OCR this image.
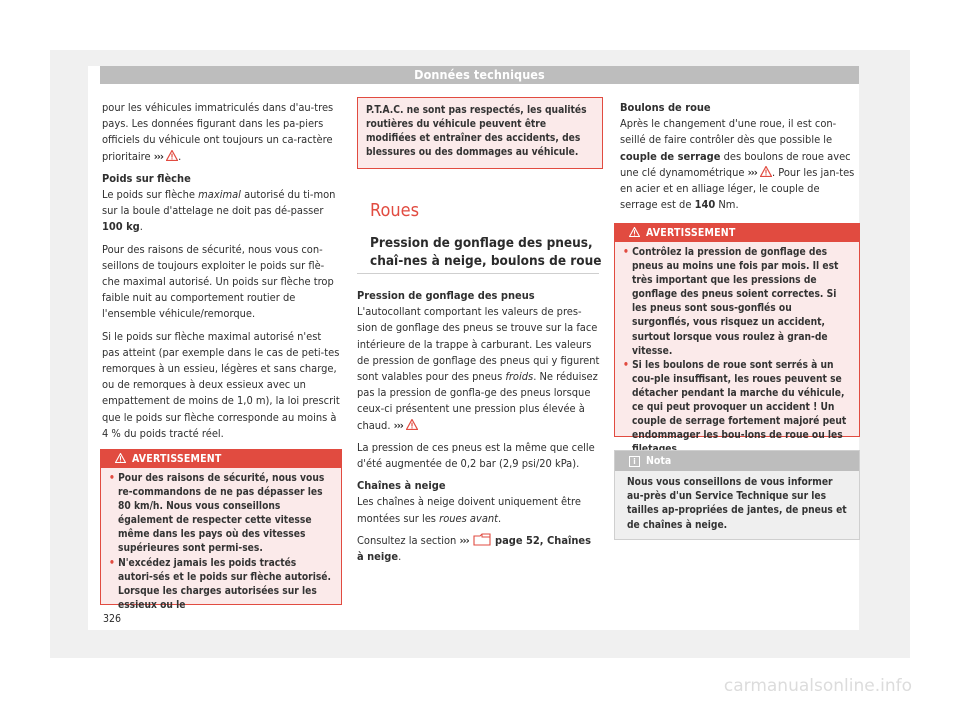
Données techniques

pour les véhicules immatriculés dans d'au-tres pays. Les données figurant dans les pa-piers officiels du véhicule ont toujours un ca-ractère prioritaire ››› .

Poids sur flèche

Le poids sur flèche maximal autorisé du ti-mon sur la boule d'attelage ne doit pas dé-passer 100 kg.

Pour des raisons de sécurité, nous vous con-seillons de toujours exploiter le poids sur flè-che maximal autorisé. Un poids sur flèche trop faible nuit au comportement routier de l'ensemble véhicule/remorque.

Si le poids sur flèche maximal autorisé n'est pas atteint (par exemple dans le cas de peti-tes remorques à un essieu, légères et sans charge, ou de remorques à deux essieux avec un empattement de moins de 1,0 m), la loi prescrit que le poids sur flèche corresponde au moins à 4 % du poids tracté réel.

AVERTISSEMENT

• Pour des raisons de sécurité, nous vous re-commandons de ne pas dépasser les 80 km/h. Nous vous conseillons également de respecter cette vitesse même dans les pays où des vitesses supérieures sont permi-ses.

• N'excédez jamais les poids tractés autori-sés et le poids sur flèche autorisé. Lorsque les charges autorisées sur les essieux ou le

P.T.A.C. ne sont pas respectés, les qualités routières du véhicule peuvent être modifiées et entraîner des accidents, des blessures ou des dommages au véhicule.

Roues
Pression de gonflage des pneus, chaî-nes à neige, boulons de roue

Pression de gonflage des pneus

L'autocollant comportant les valeurs de pres-sion de gonflage des pneus se trouve sur la face intérieure de la trappe à carburant. Les valeurs de pression de gonflage des pneus qui y figurent sont valables pour des pneus froids. Ne réduisez pas la pression de gonfla-ge des pneus lorsque ceux-ci présentent une pression plus élevée à chaud. ›››

La pression de ces pneus est la même que celle d'été augmentée de 0,2 bar (2,9 psi/20 kPa).

Chaînes à neige

Les chaînes à neige doivent uniquement être montées sur les roues avant.

Consultez la section ››› page 52, Chaînes à neige.

Boulons de roue

Après le changement d'une roue, il est con-seillé de faire contrôler dès que possible le couple de serrage des boulons de roue avec une clé dynamométrique ››› . Pour les jan-tes en acier et en alliage léger, le couple de serrage est de 140 Nm.

AVERTISSEMENT

• Contrôlez la pression de gonflage des pneus au moins une fois par mois. Il est très important que les pressions de gonflage des pneus soient correctes. Si les pneus sont sous-gonflés ou surgonflés, vous risquez un accident, surtout lorsque vous roulez à gran-de vitesse.

• Si les boulons de roue sont serrés à un cou-ple insuffisant, les roues peuvent se détacher pendant la marche du véhicule, ce qui peut provoquer un accident ! Un couple de serrage fortement majoré peut endommager les bou-lons de roue ou les

i Nota
Nous vous conseillons de vous informer au-près d'un Service Technique sur les tailles ap-propriées de jantes, de pneus et de chaînes à neige.
326
carmanualsonline.info
